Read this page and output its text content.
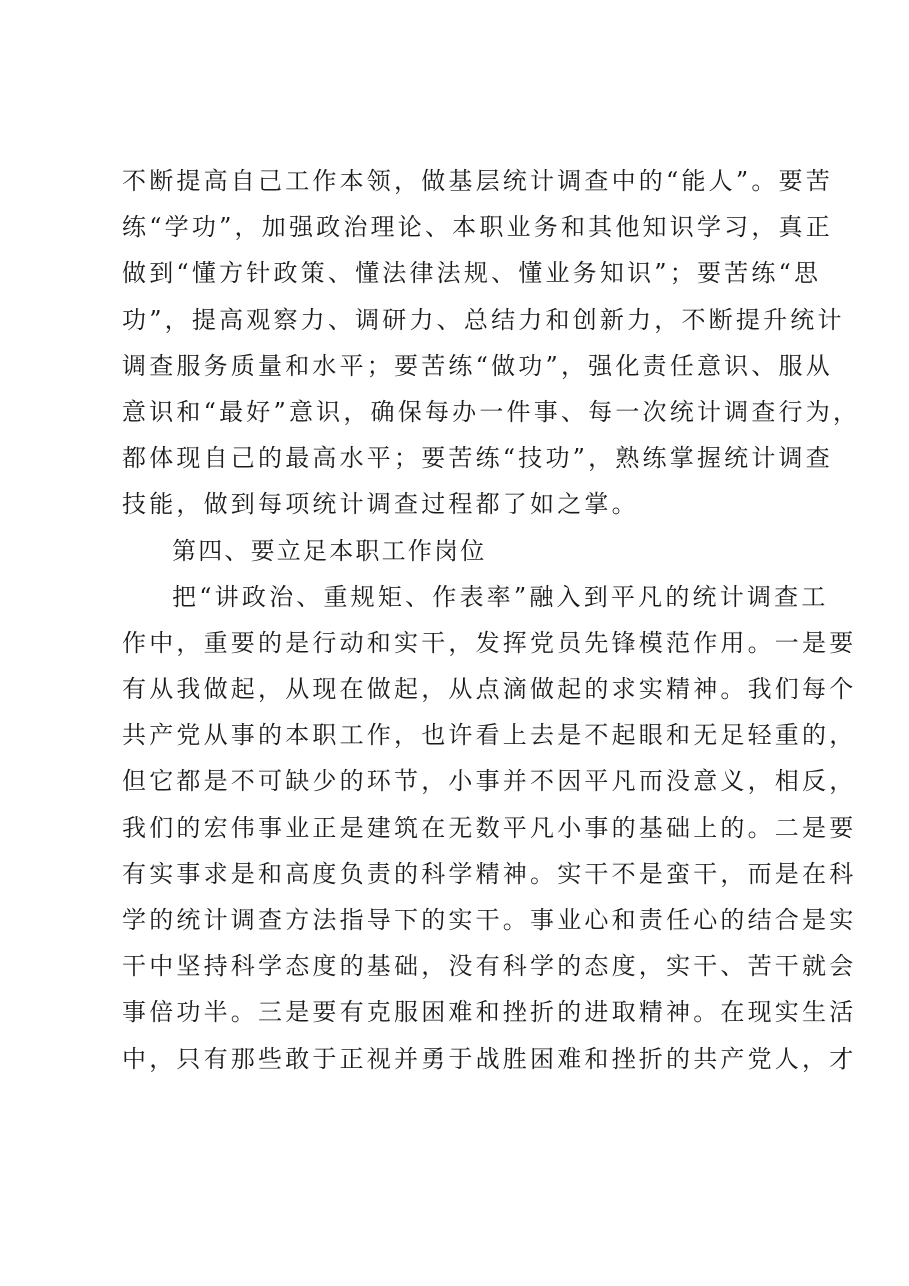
不断提高自己工作本领，做基层统计调查中的“能人”。要苦
练“学功”，加强政治理论、本职业务和其他知识学习，真正
做到“懂方针政策、懂法律法规、懂业务知识”；要苦练“思
功”，提高观察力、调研力、总结力和创新力，不断提升统计
调查服务质量和水平；要苦练“做功”，强化责任意识、服从
意识和“最好”意识，确保每办一件事、每一次统计调查行为，
都体现自己的最高水平；要苦练“技功”，熟练掌握统计调查
技能，做到每项统计调查过程都了如之掌。
第四、要立足本职工作岗位
把“讲政治、重规矩、作表率”融入到平凡的统计调查工
作中，重要的是行动和实干，发挥党员先锋模范作用。一是要
有从我做起，从现在做起，从点滴做起的求实精神。我们每个
共产党从事的本职工作，也许看上去是不起眼和无足轻重的，
但它都是不可缺少的环节，小事并不因平凡而没意义，相反，
我们的宏伟事业正是建筑在无数平凡小事的基础上的。二是要
有实事求是和高度负责的科学精神。实干不是蛮干，而是在科
学的统计调查方法指导下的实干。事业心和责任心的结合是实
干中坚持科学态度的基础，没有科学的态度，实干、苦干就会
事倍功半。三是要有克服困难和挫折的进取精神。在现实生活
中，只有那些敢于正视并勇于战胜困难和挫折的共产党人，才
